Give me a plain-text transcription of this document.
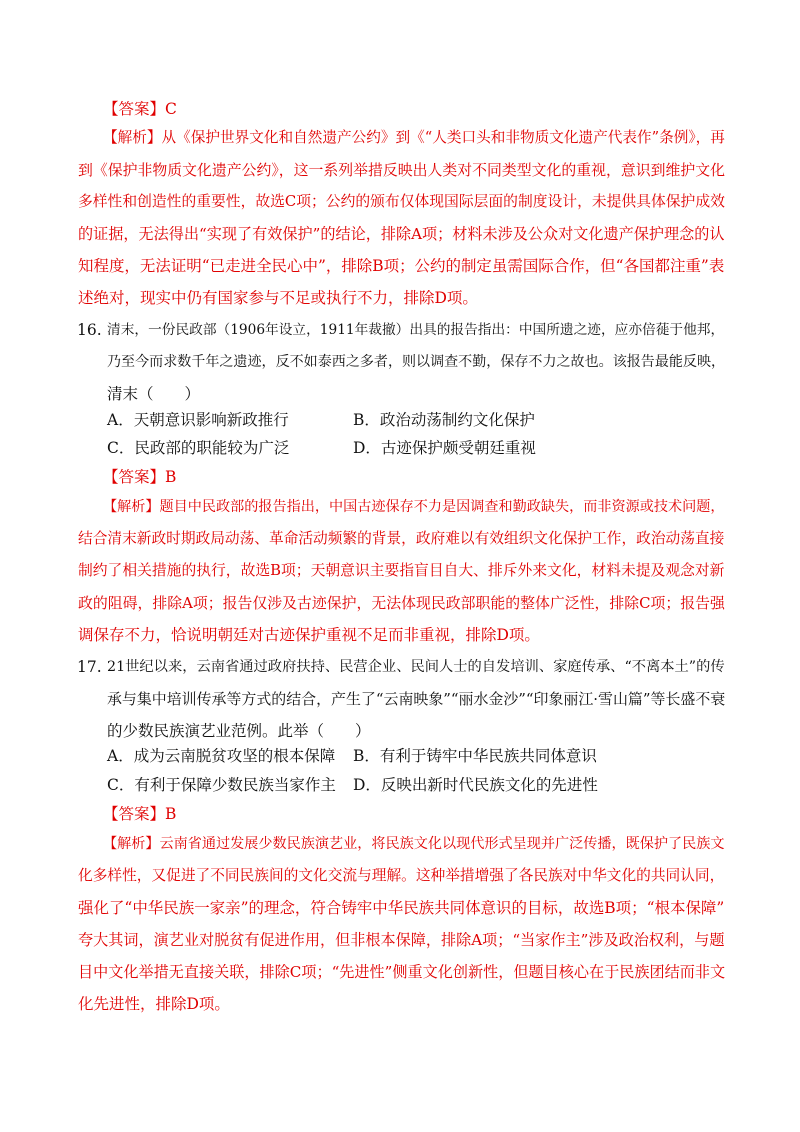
【答案】C
【解析】从《保护世界文化和自然遗产公约》到《“人类口头和非物质文化遗产代表作”条例》，再
到《保护非物质文化遗产公约》，这一系列举措反映出人类对不同类型文化的重视，意识到维护文化
多样性和创造性的重要性，故选C项；公约的颁布仅体现国际层面的制度设计，未提供具体保护成效
的证据，无法得出“实现了有效保护”的结论，排除A项；材料未涉及公众对文化遗产保护理念的认
知程度，无法证明“已走进全民心中”，排除B项；公约的制定虽需国际合作，但“各国都注重”表
述绝对，现实中仍有国家参与不足或执行不力，排除D项。
16. 清末，一份民政部（1906年设立，1911年裁撤）出具的报告指出：中国所遗之迹，应亦倍蓰于他邦，
乃至今而求数千年之遗迹，反不如泰西之多者，则以调查不勤，保存不力之故也。该报告最能反映，
清末（　　）
A．天朝意识影响新政推行	B．政治动荡制约文化保护
C．民政部的职能较为广泛	D．古迹保护颇受朝廷重视
【答案】B
【解析】题目中民政部的报告指出，中国古迹保存不力是因调查和勤政缺失，而非资源或技术问题，
结合清末新政时期政局动荡、革命活动频繁的背景，政府难以有效组织文化保护工作，政治动荡直接
制约了相关措施的执行，故选B项；天朝意识主要指盲目自大、排斥外来文化，材料未提及观念对新
政的阻碍，排除A项；报告仅涉及古迹保护，无法体现民政部职能的整体广泛性，排除C项；报告强
调保存不力，恰说明朝廷对古迹保护重视不足而非重视，排除D项。
17. 21世纪以来，云南省通过政府扶持、民营企业、民间人士的自发培训、家庭传承、“不离本土”的传
承与集中培训传承等方式的结合，产生了“云南映象”“丽水金沙”“印象丽江·雪山篇”等长盛不衰
的少数民族演艺业范例。此举（　　）
A．成为云南脱贫攻坚的根本保障 B．有利于铸牢中华民族共同体意识
C．有利于保障少数民族当家作主 D．反映出新时代民族文化的先进性
【答案】B
【解析】云南省通过发展少数民族演艺业，将民族文化以现代形式呈现并广泛传播，既保护了民族文
化多样性，又促进了不同民族间的文化交流与理解。这种举措增强了各民族对中华文化的共同认同，
强化了“中华民族一家亲”的理念，符合铸牢中华民族共同体意识的目标，故选B项；“根本保障”
夸大其词，演艺业对脱贫有促进作用，但非根本保障，排除A项；“当家作主”涉及政治权利，与题
目中文化举措无直接关联，排除C项；“先进性”侧重文化创新性，但题目核心在于民族团结而非文
化先进性，排除D项。
